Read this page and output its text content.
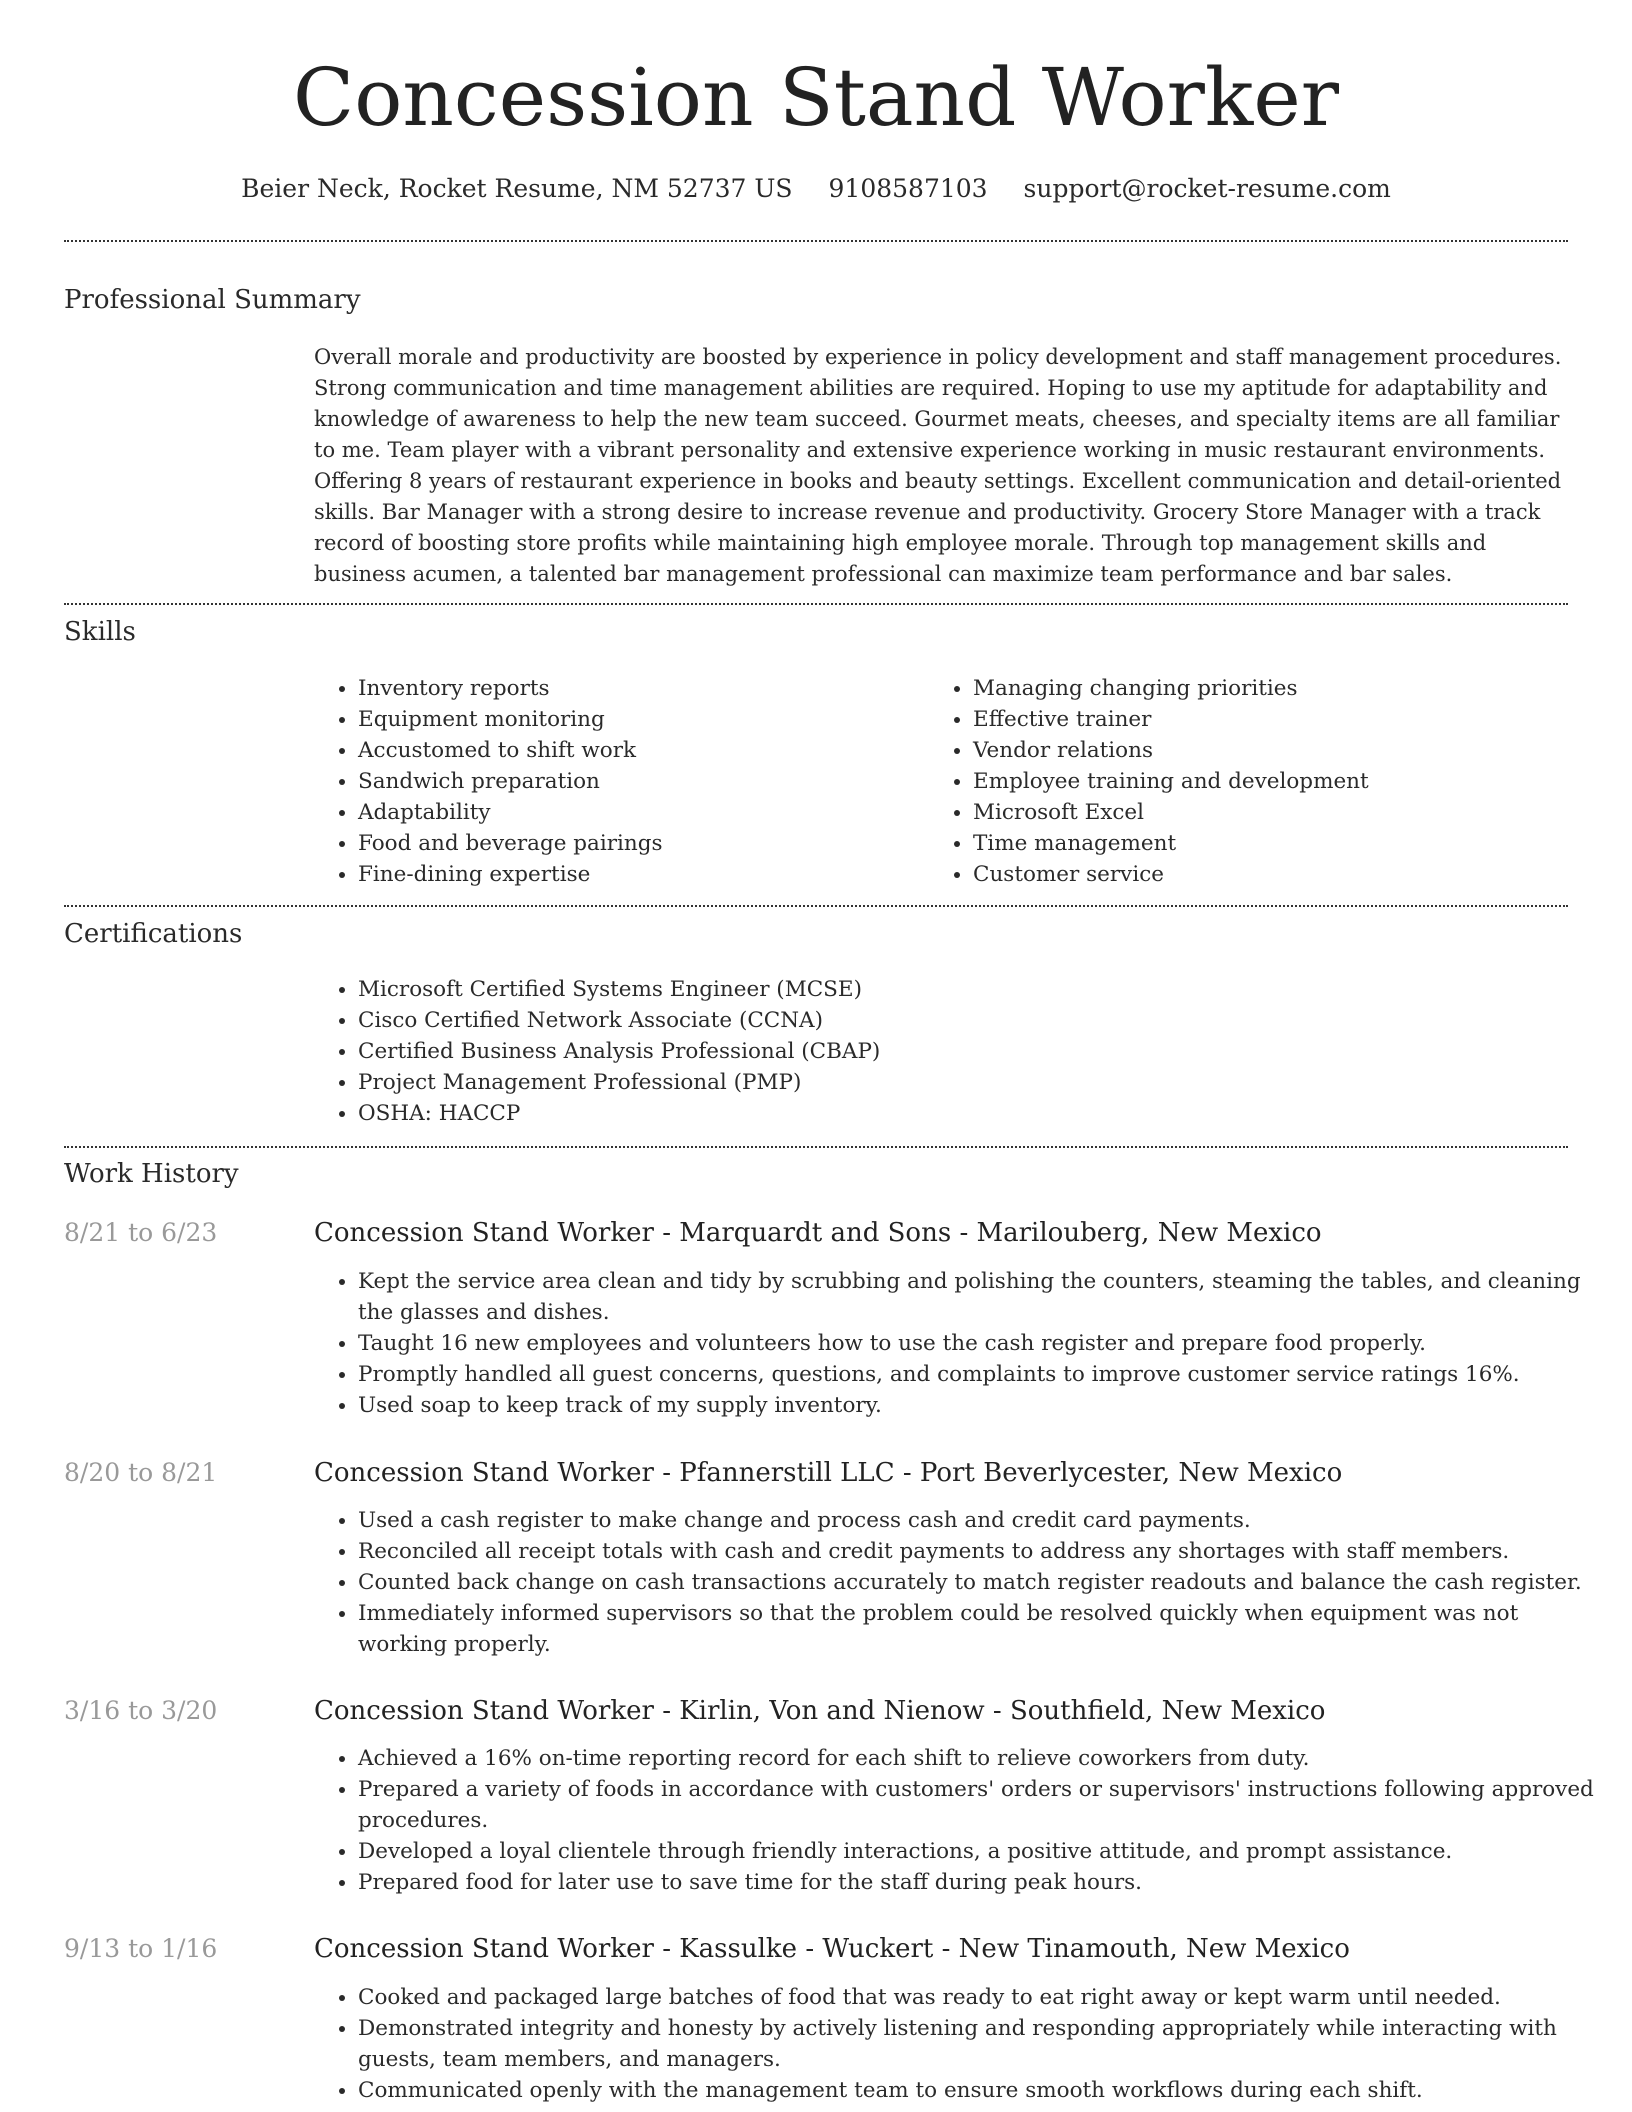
Concession Stand Worker
Beier Neck, Rocket Resume, NM 52737 US 9108587103 support@rocket-resume.com
Professional Summary

Overall morale and productivity are boosted by experience in policy development and staff management procedures. Strong communication and time management abilities are required. Hoping to use my aptitude for adaptability and knowledge of awareness to help the new team succeed. Gourmet meats, cheeses, and specialty items are all familiar to me. Team player with a vibrant personality and extensive experience working in music restaurant environments. Offering 8 years of restaurant experience in books and beauty settings. Excellent communication and detail-oriented skills. Bar Manager with a strong desire to increase revenue and productivity. Grocery Store Manager with a track record of boosting store profits while maintaining high employee morale. Through top management skills and business acumen, a talented bar management professional can maximize team performance and bar sales.

Skills
• Inventory reports
• Equipment monitoring
• Accustomed to shift work
• Sandwich preparation
• Adaptability
• Food and beverage pairings
• Fine-dining expertise
• Managing changing priorities
• Effective trainer
• Vendor relations
• Employee training and development
• Microsoft Excel
• Time management
• Customer service
Certifications
• Microsoft Certified Systems Engineer (MCSE)
• Cisco Certified Network Associate (CCNA)
• Certified Business Analysis Professional (CBAP)
• Project Management Professional (PMP)
• OSHA: HACCP
Work History
8/21 to 6/23	Concession Stand Worker - Marquardt and Sons - Marilouberg, New Mexico
• Kept the service area clean and tidy by scrubbing and polishing the counters, steaming the tables, and cleaning the glasses and dishes.
• Taught 16 new employees and volunteers how to use the cash register and prepare food properly.
• Promptly handled all guest concerns, questions, and complaints to improve customer service ratings 16%.
• Used soap to keep track of my supply inventory.
8/20 to 8/21	Concession Stand Worker - Pfannerstill LLC - Port Beverlycester, New Mexico
• Used a cash register to make change and process cash and credit card payments.
• Reconciled all receipt totals with cash and credit payments to address any shortages with staff members.
• Counted back change on cash transactions accurately to match register readouts and balance the cash register.
• Immediately informed supervisors so that the problem could be resolved quickly when equipment was not working properly.
3/16 to 3/20	Concession Stand Worker - Kirlin, Von and Nienow - Southfield, New Mexico
• Achieved a 16% on-time reporting record for each shift to relieve coworkers from duty.
• Prepared a variety of foods in accordance with customers' orders or supervisors' instructions following approved procedures.
• Developed a loyal clientele through friendly interactions, a positive attitude, and prompt assistance.
• Prepared food for later use to save time for the staff during peak hours.
9/13 to 1/16	Concession Stand Worker - Kassulke - Wuckert - New Tinamouth, New Mexico
• Cooked and packaged large batches of food that was ready to eat right away or kept warm until needed.
• Demonstrated integrity and honesty by actively listening and responding appropriately while interacting with guests, team members, and managers.
• Communicated openly with the management team to ensure smooth workflows during each shift.
